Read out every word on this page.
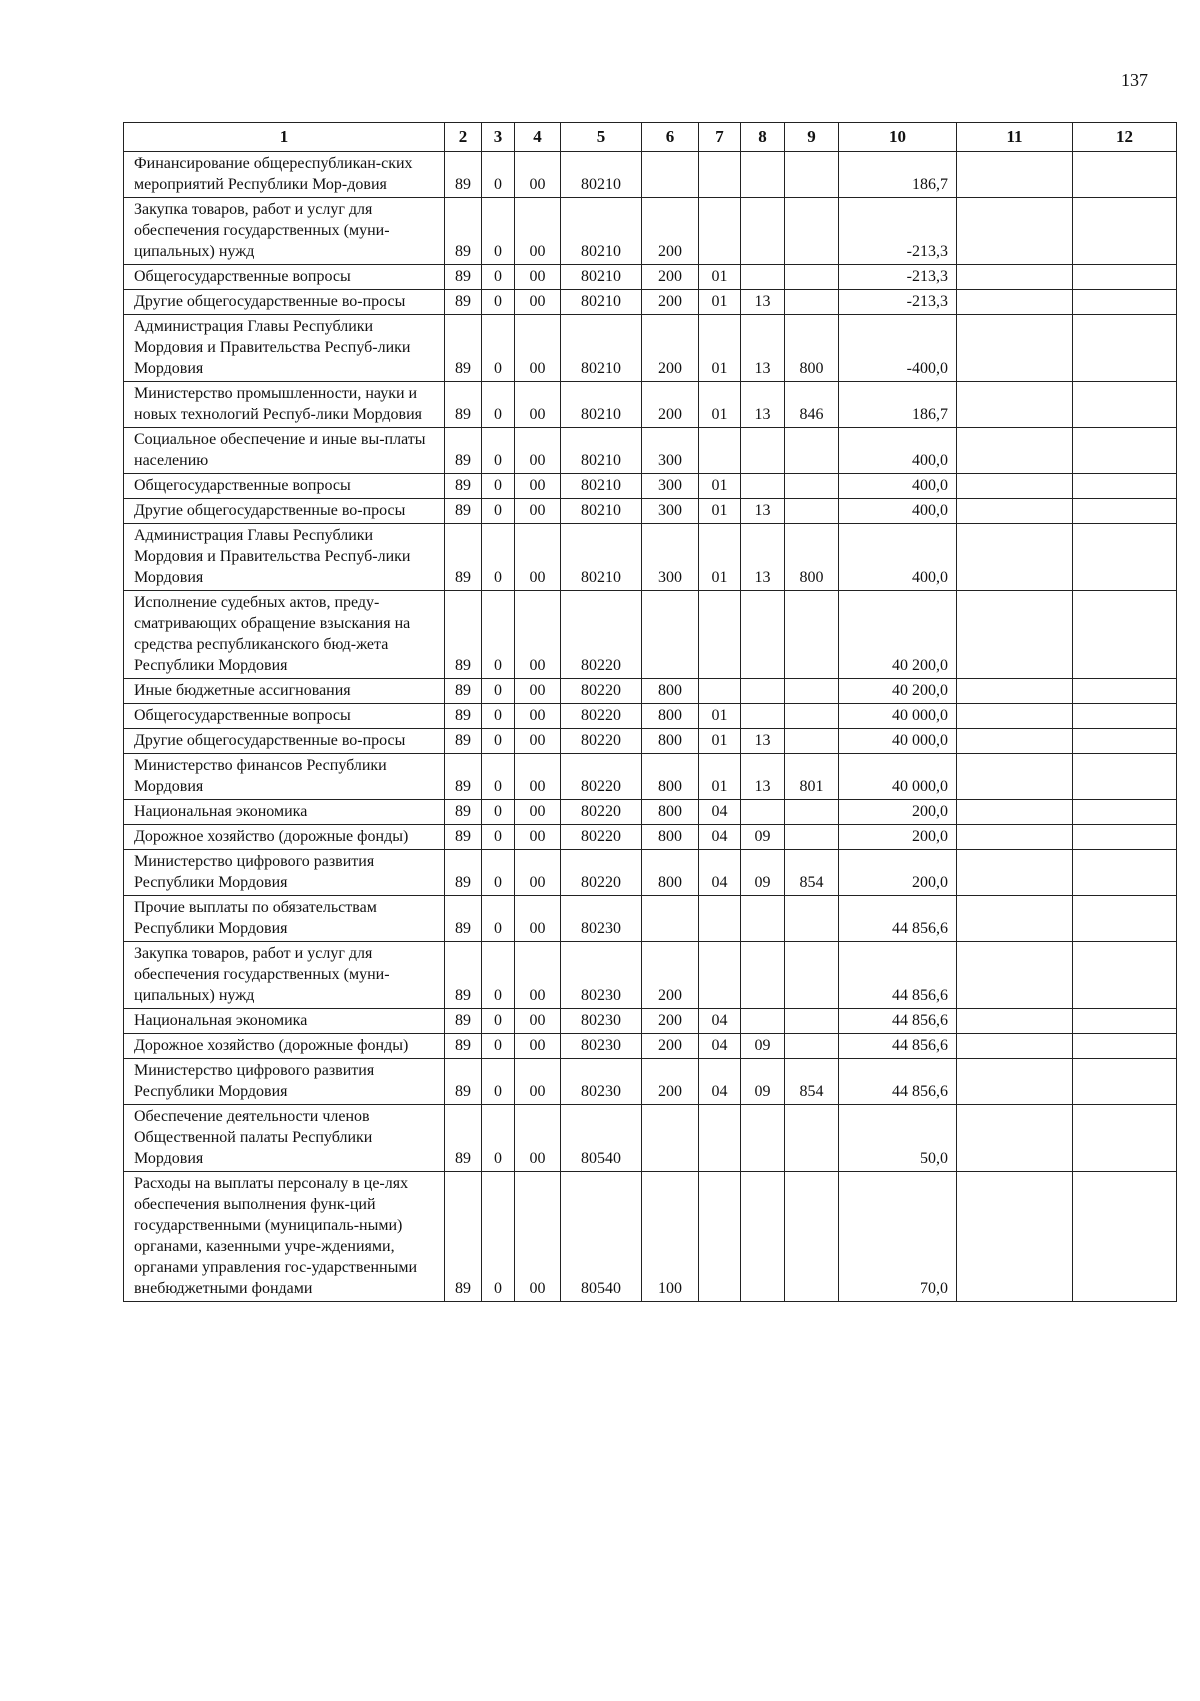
137
1	2	3	4	5	6	7	8	9	10	11	12
Финансирование общереспубликан-ских мероприятий Республики Мор-довия	89	0	00	80210					186,7		
Закупка товаров, работ и услуг для обеспечения государственных (муни-ципальных) нужд	89	0	00	80210	200				-213,3		
Общегосударственные вопросы	89	0	00	80210	200	01			-213,3		
Другие общегосударственные во-просы	89	0	00	80210	200	01	13		-213,3		
Администрация Главы Республики Мордовия и Правительства Респуб-лики Мордовия	89	0	00	80210	200	01	13	800	-400,0		
Министерство промышленности, науки и новых технологий Респуб-лики Мордовия	89	0	00	80210	200	01	13	846	186,7		
Социальное обеспечение и иные вы-платы населению	89	0	00	80210	300				400,0		
Общегосударственные вопросы	89	0	00	80210	300	01			400,0		
Другие общегосударственные во-просы	89	0	00	80210	300	01	13		400,0		
Администрация Главы Республики Мордовия и Правительства Респуб-лики Мордовия	89	0	00	80210	300	01	13	800	400,0		
Исполнение судебных актов, преду-сматривающих обращение взыскания на средства республиканского бюд-жета Республики Мордовия	89	0	00	80220					40 200,0		
Иные бюджетные ассигнования	89	0	00	80220	800				40 200,0		
Общегосударственные вопросы	89	0	00	80220	800	01			40 000,0		
Другие общегосударственные во-просы	89	0	00	80220	800	01	13		40 000,0		
Министерство финансов Республики Мордовия	89	0	00	80220	800	01	13	801	40 000,0		
Национальная экономика	89	0	00	80220	800	04			200,0		
Дорожное хозяйство (дорожные фонды)	89	0	00	80220	800	04	09		200,0		
Министерство цифрового развития Республики Мордовия	89	0	00	80220	800	04	09	854	200,0		
Прочие выплаты по обязательствам Республики Мордовия	89	0	00	80230					44 856,6		
Закупка товаров, работ и услуг для обеспечения государственных (муни-ципальных) нужд	89	0	00	80230	200				44 856,6		
Национальная экономика	89	0	00	80230	200	04			44 856,6		
Дорожное хозяйство (дорожные фонды)	89	0	00	80230	200	04	09		44 856,6		
Министерство цифрового развития Республики Мордовия	89	0	00	80230	200	04	09	854	44 856,6		
Обеспечение деятельности членов Общественной палаты Республики Мордовия	89	0	00	80540					50,0		
Расходы на выплаты персоналу в це-лях обеспечения выполнения функ-ций государственными (муниципаль-ными) органами, казенными учре-ждениями, органами управления гос-ударственными внебюджетными фондами	89	0	00	80540	100				70,0		
